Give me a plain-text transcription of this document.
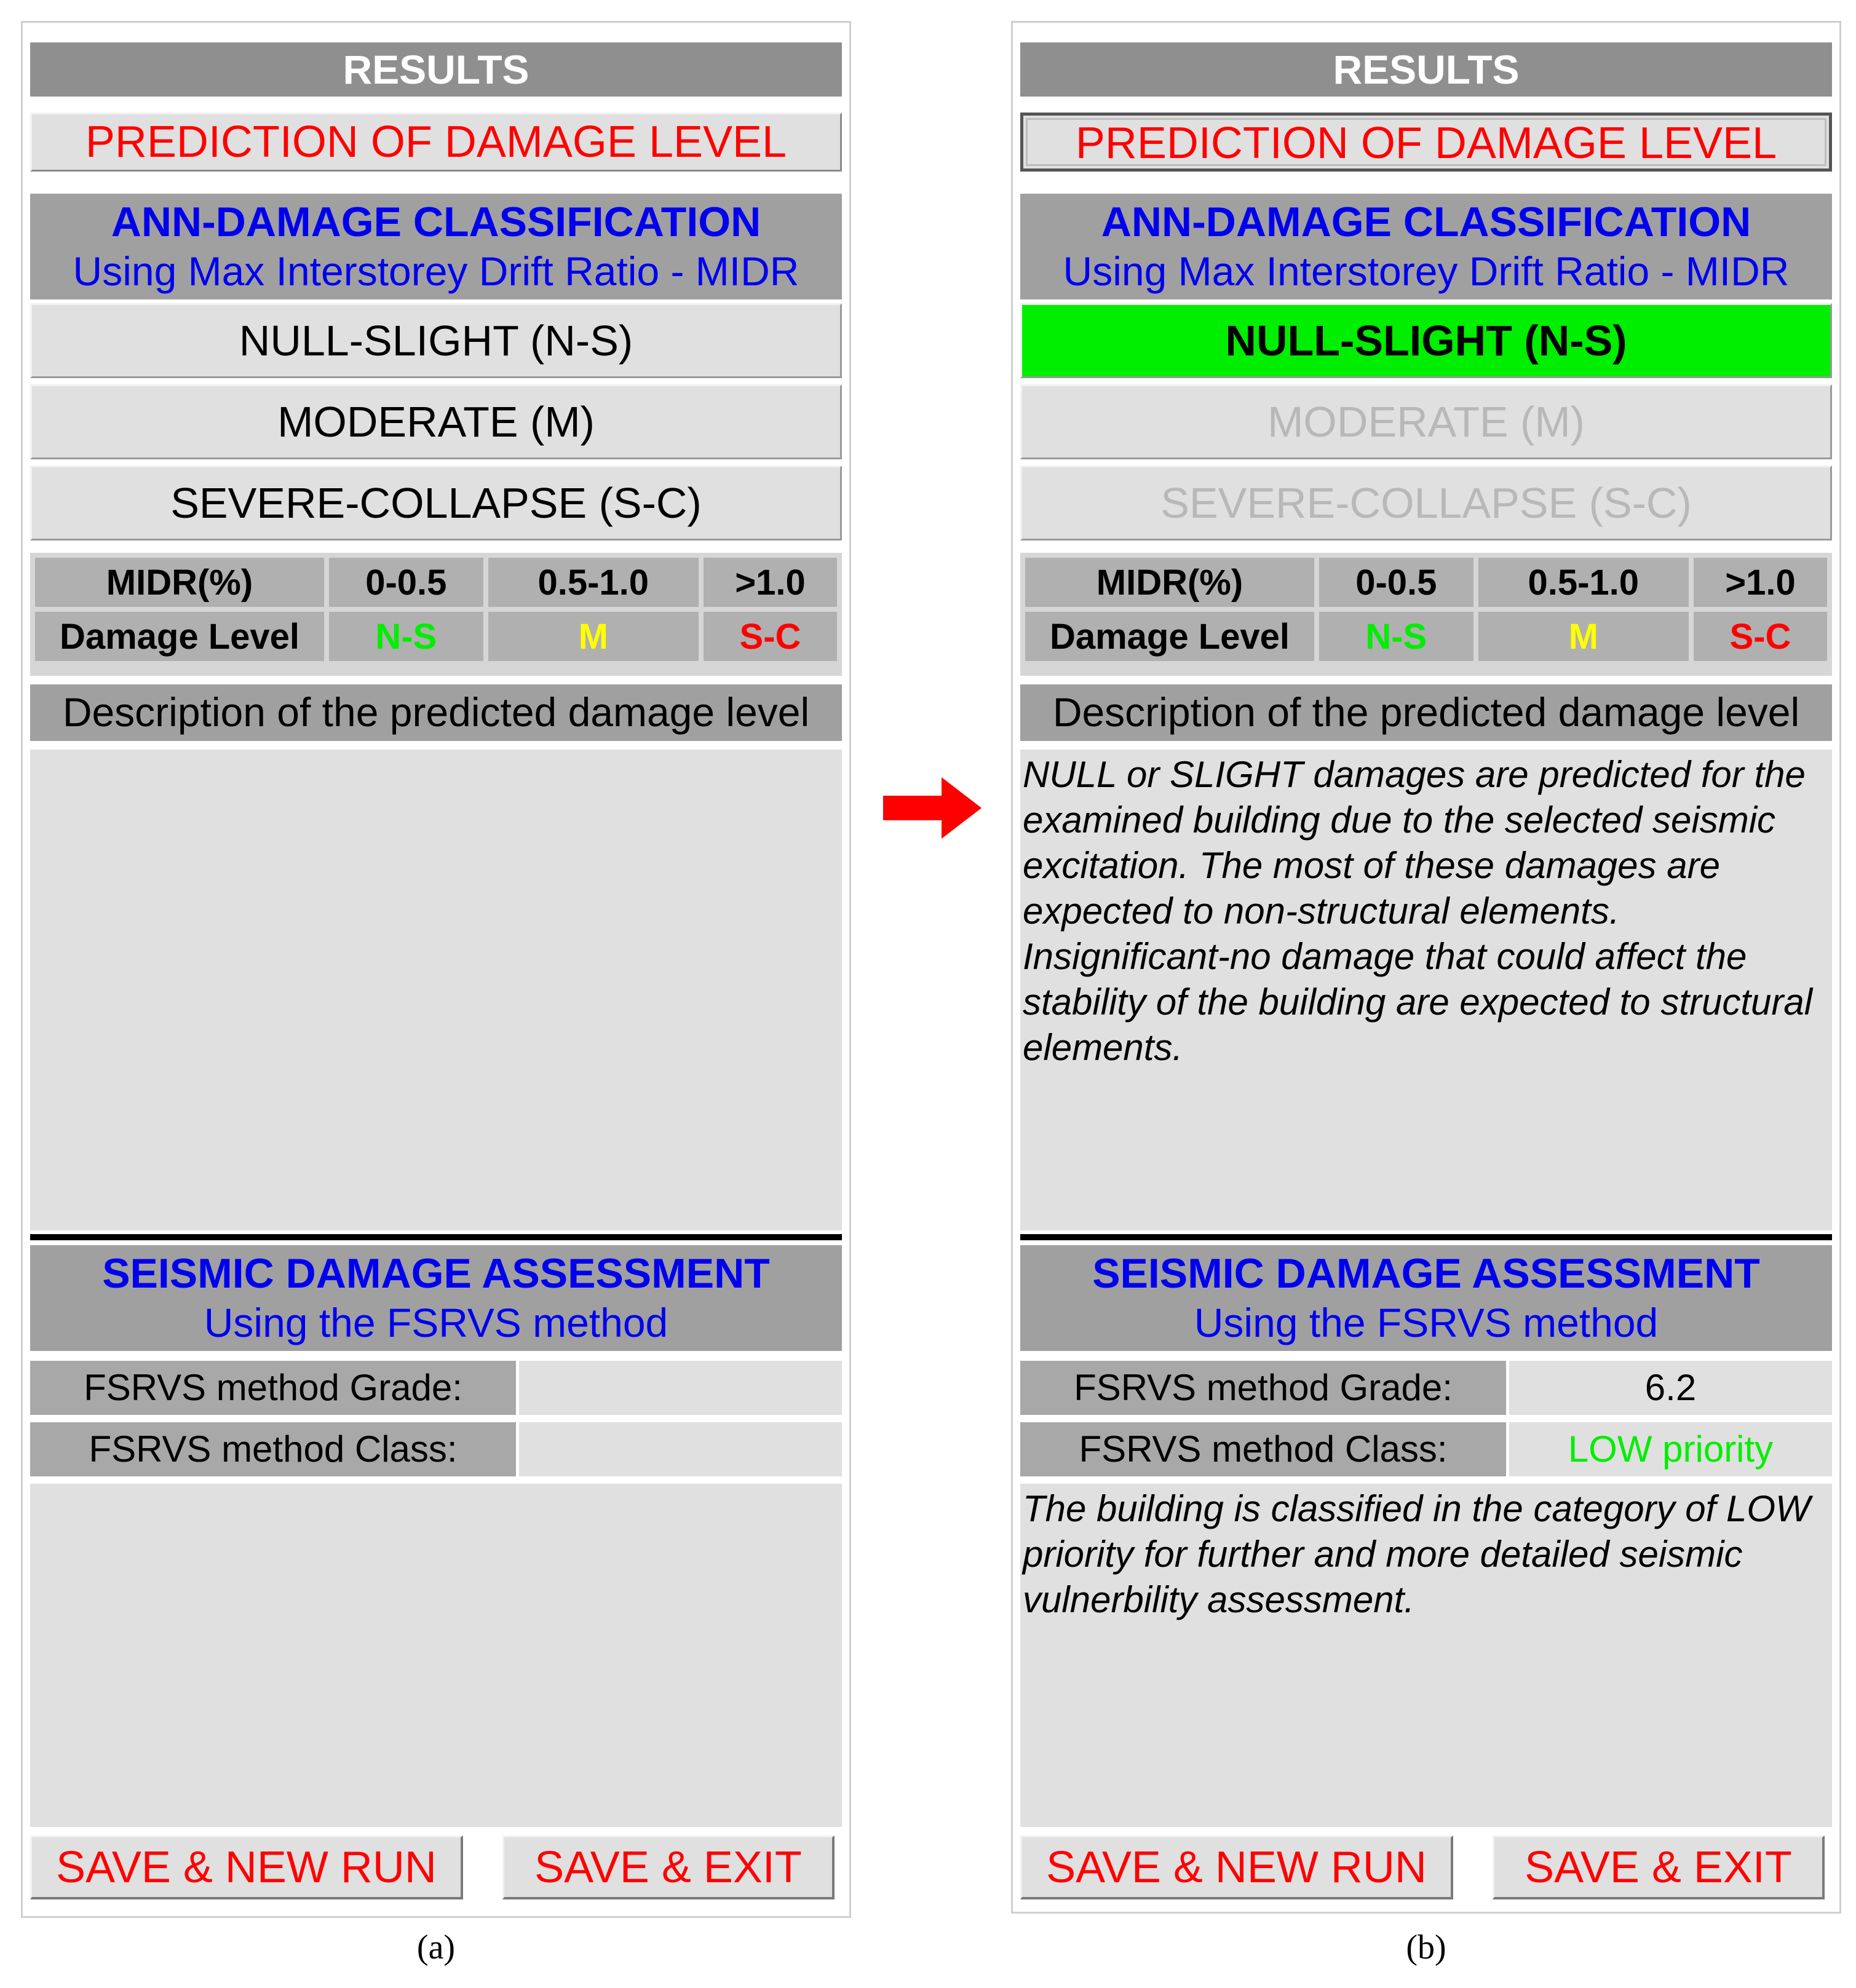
RESULTS
PREDICTION OF DAMAGE LEVEL
ANN-DAMAGE CLASSIFICATION
Using Max Interstorey Drift Ratio - MIDR
NULL-SLIGHT (N-S)
MODERATE (M)
SEVERE-COLLAPSE (S-C)
MIDR(%)	0-0.5	0.5-1.0	>1.0
Damage Level	N-S	M	S-C
Description of the predicted damage level
SEISMIC DAMAGE ASSESSMENT
Using the FSRVS method
FSRVS method Grade:
FSRVS method Class:
SAVE & NEW RUN	SAVE & EXIT
RESULTS
PREDICTION OF DAMAGE LEVEL
ANN-DAMAGE CLASSIFICATION
Using Max Interstorey Drift Ratio - MIDR
NULL-SLIGHT (N-S)
MODERATE (M)
SEVERE-COLLAPSE (S-C)
MIDR(%)	0-0.5	0.5-1.0	>1.0
Damage Level	N-S	M	S-C
Description of the predicted damage level
NULL or SLIGHT damages are predicted for the examined building due to the selected seismic excitation. The most of these damages are expected to non-structural elements. Insignificant-no damage that could affect the stability of the building are expected to structural elements.
SEISMIC DAMAGE ASSESSMENT
Using the FSRVS method
FSRVS method Grade:	6.2
FSRVS method Class:	LOW priority
The building is classified in the category of LOW priority for further and more detailed seismic vulnerbility assessment.
SAVE & NEW RUN	SAVE & EXIT
(a)	(b)
